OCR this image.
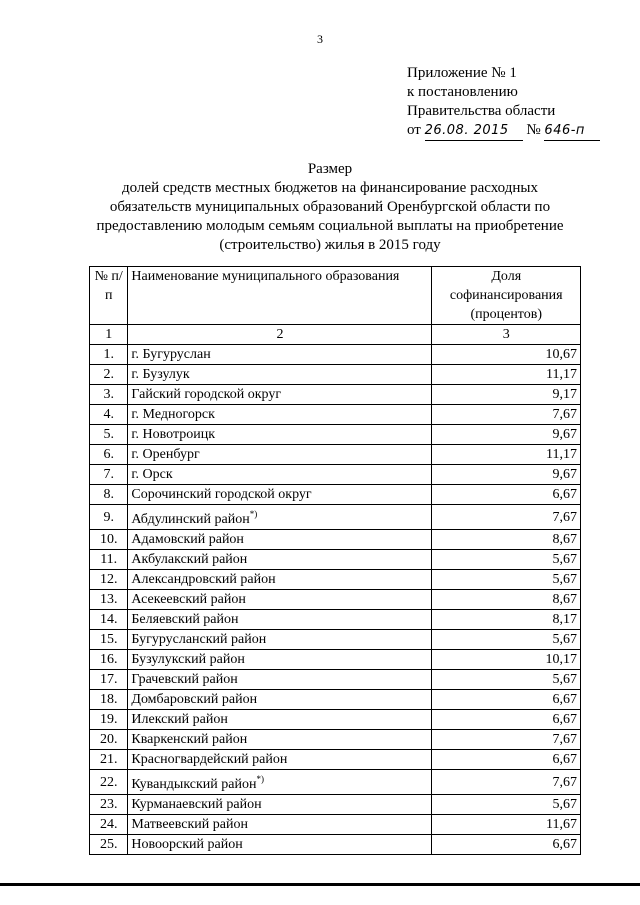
3
Приложение № 1
к постановлению
Правительства области
от 26.08. 2015 № 646-п
Размер
долей средств местных бюджетов на финансирование расходных
обязательств муниципальных образований Оренбургской области по
предоставлению молодым семьям социальной выплаты на приобретение
(строительство) жилья в 2015 году
№ п/п	Наименование муниципального образования	Доля софинансирования (процентов)
1	2	3
1.	г. Бугуруслан	10,67
2.	г. Бузулук	11,17
3.	Гайский городской округ	9,17
4.	г. Медногорск	7,67
5.	г. Новотроицк	9,67
6.	г. Оренбург	11,17
7.	г. Орск	9,67
8.	Сорочинский городской округ	6,67
9.	Абдулинский район*)	7,67
10.	Адамовский район	8,67
11.	Акбулакский район	5,67
12.	Александровский район	5,67
13.	Асекеевский район	8,67
14.	Беляевский район	8,17
15.	Бугурусланский район	5,67
16.	Бузулукский район	10,17
17.	Грачевский район	5,67
18.	Домбаровский район	6,67
19.	Илекский район	6,67
20.	Кваркенский район	7,67
21.	Красногвардейский район	6,67
22.	Кувандыкский район*)	7,67
23.	Курманаевский район	5,67
24.	Матвеевский район	11,67
25.	Новоорский район	6,67
